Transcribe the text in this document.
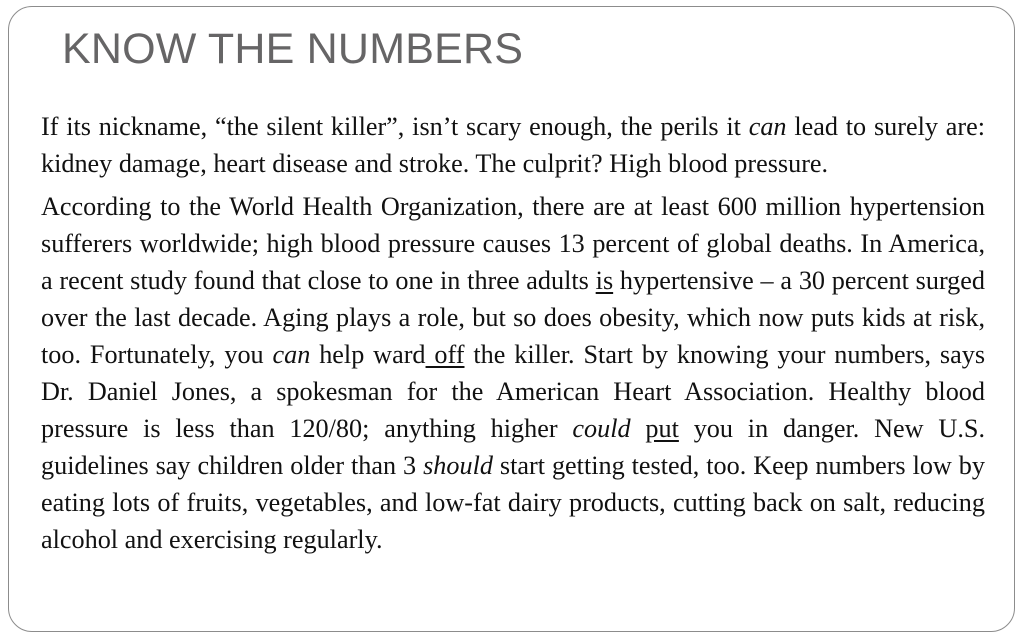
KNOW THE NUMBERS

If its nickname, “the silent killer”, isn’t scary enough, the perils it can lead to surely are: kidney damage, heart disease and stroke. The culprit? High blood pressure.

According to the World Health Organization, there are at least 600 million hypertension sufferers worldwide; high blood pressure causes 13 percent of global deaths. In America, a recent study found that close to one in three adults is hypertensive – a 30 percent surged over the last decade. Aging plays a role, but so does obesity, which now puts kids at risk, too. Fortunately, you can help ward off the killer. Start by knowing your numbers, says Dr. Daniel Jones, a spokesman for the American Heart Association. Healthy blood pressure is less than 120/80; anything higher could put you in danger. New U.S. guidelines say children older than 3 should start getting tested, too. Keep numbers low by eating lots of fruits, vegetables, and low-fat dairy products, cutting back on salt, reducing alcohol and exercising regularly.
